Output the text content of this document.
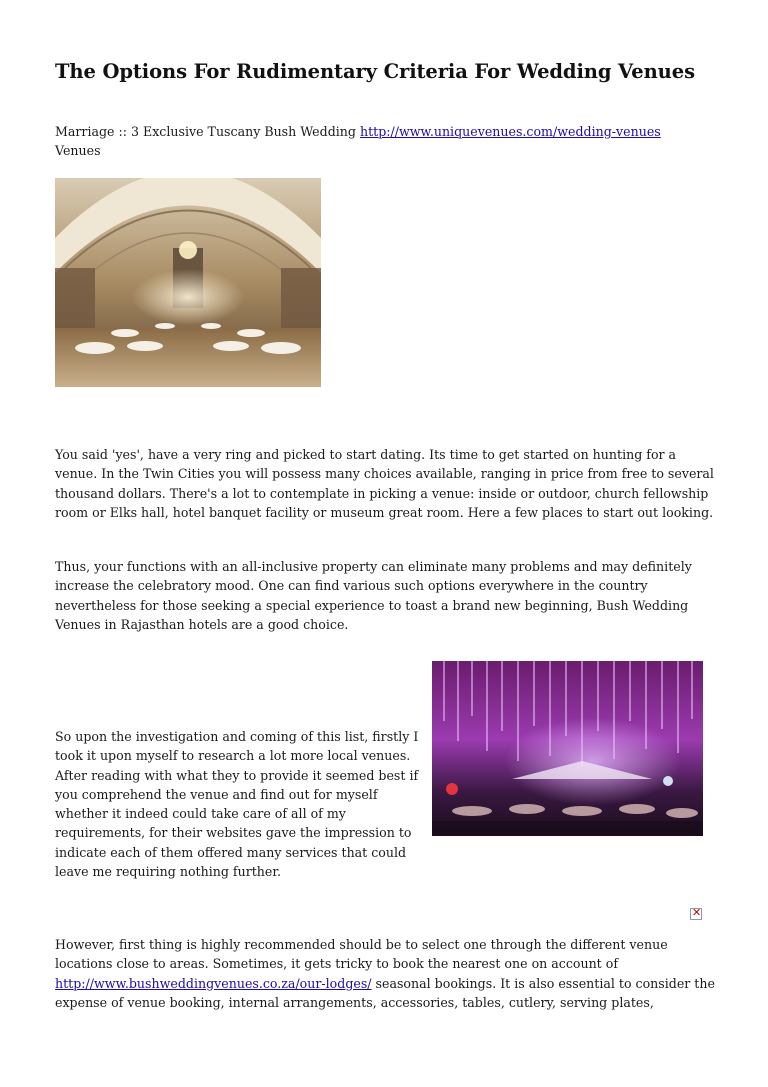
The Options For Rudimentary Criteria For Wedding Venues
Marriage :: 3 Exclusive Tuscany Bush Wedding http://www.uniquevenues.com/wedding-venues
Venues

You said 'yes', have a very ring and picked to start dating. Its time to get started on hunting for a venue. In the Twin Cities you will possess many choices available, ranging in price from free to several thousand dollars. There's a lot to contemplate in picking a venue: inside or outdoor, church fellowship room or Elks hall, hotel banquet facility or museum great room. Here a few places to start out looking.

Thus, your functions with an all-inclusive property can eliminate many problems and may definitely increase the celebratory mood. One can find various such options everywhere in the country nevertheless for those seeking a special experience to toast a brand new beginning, Bush Wedding Venues in Rajasthan hotels are a good choice.

So upon the investigation and coming of this list, firstly I took it upon myself to research a lot more local venues. After reading with what they to provide it seemed best if you comprehend the venue and find out for myself whether it indeed could take care of all of my requirements, for their websites gave the impression to indicate each of them offered many services that could leave me requiring nothing further.

✕

However, first thing is highly recommended should be to select one through the different venue locations close to areas. Sometimes, it gets tricky to book the nearest one on account of http://www.bushweddingvenues.co.za/our-lodges/ seasonal bookings. It is also essential to consider the expense of venue booking, internal arrangements, accessories, tables, cutlery, serving plates,
